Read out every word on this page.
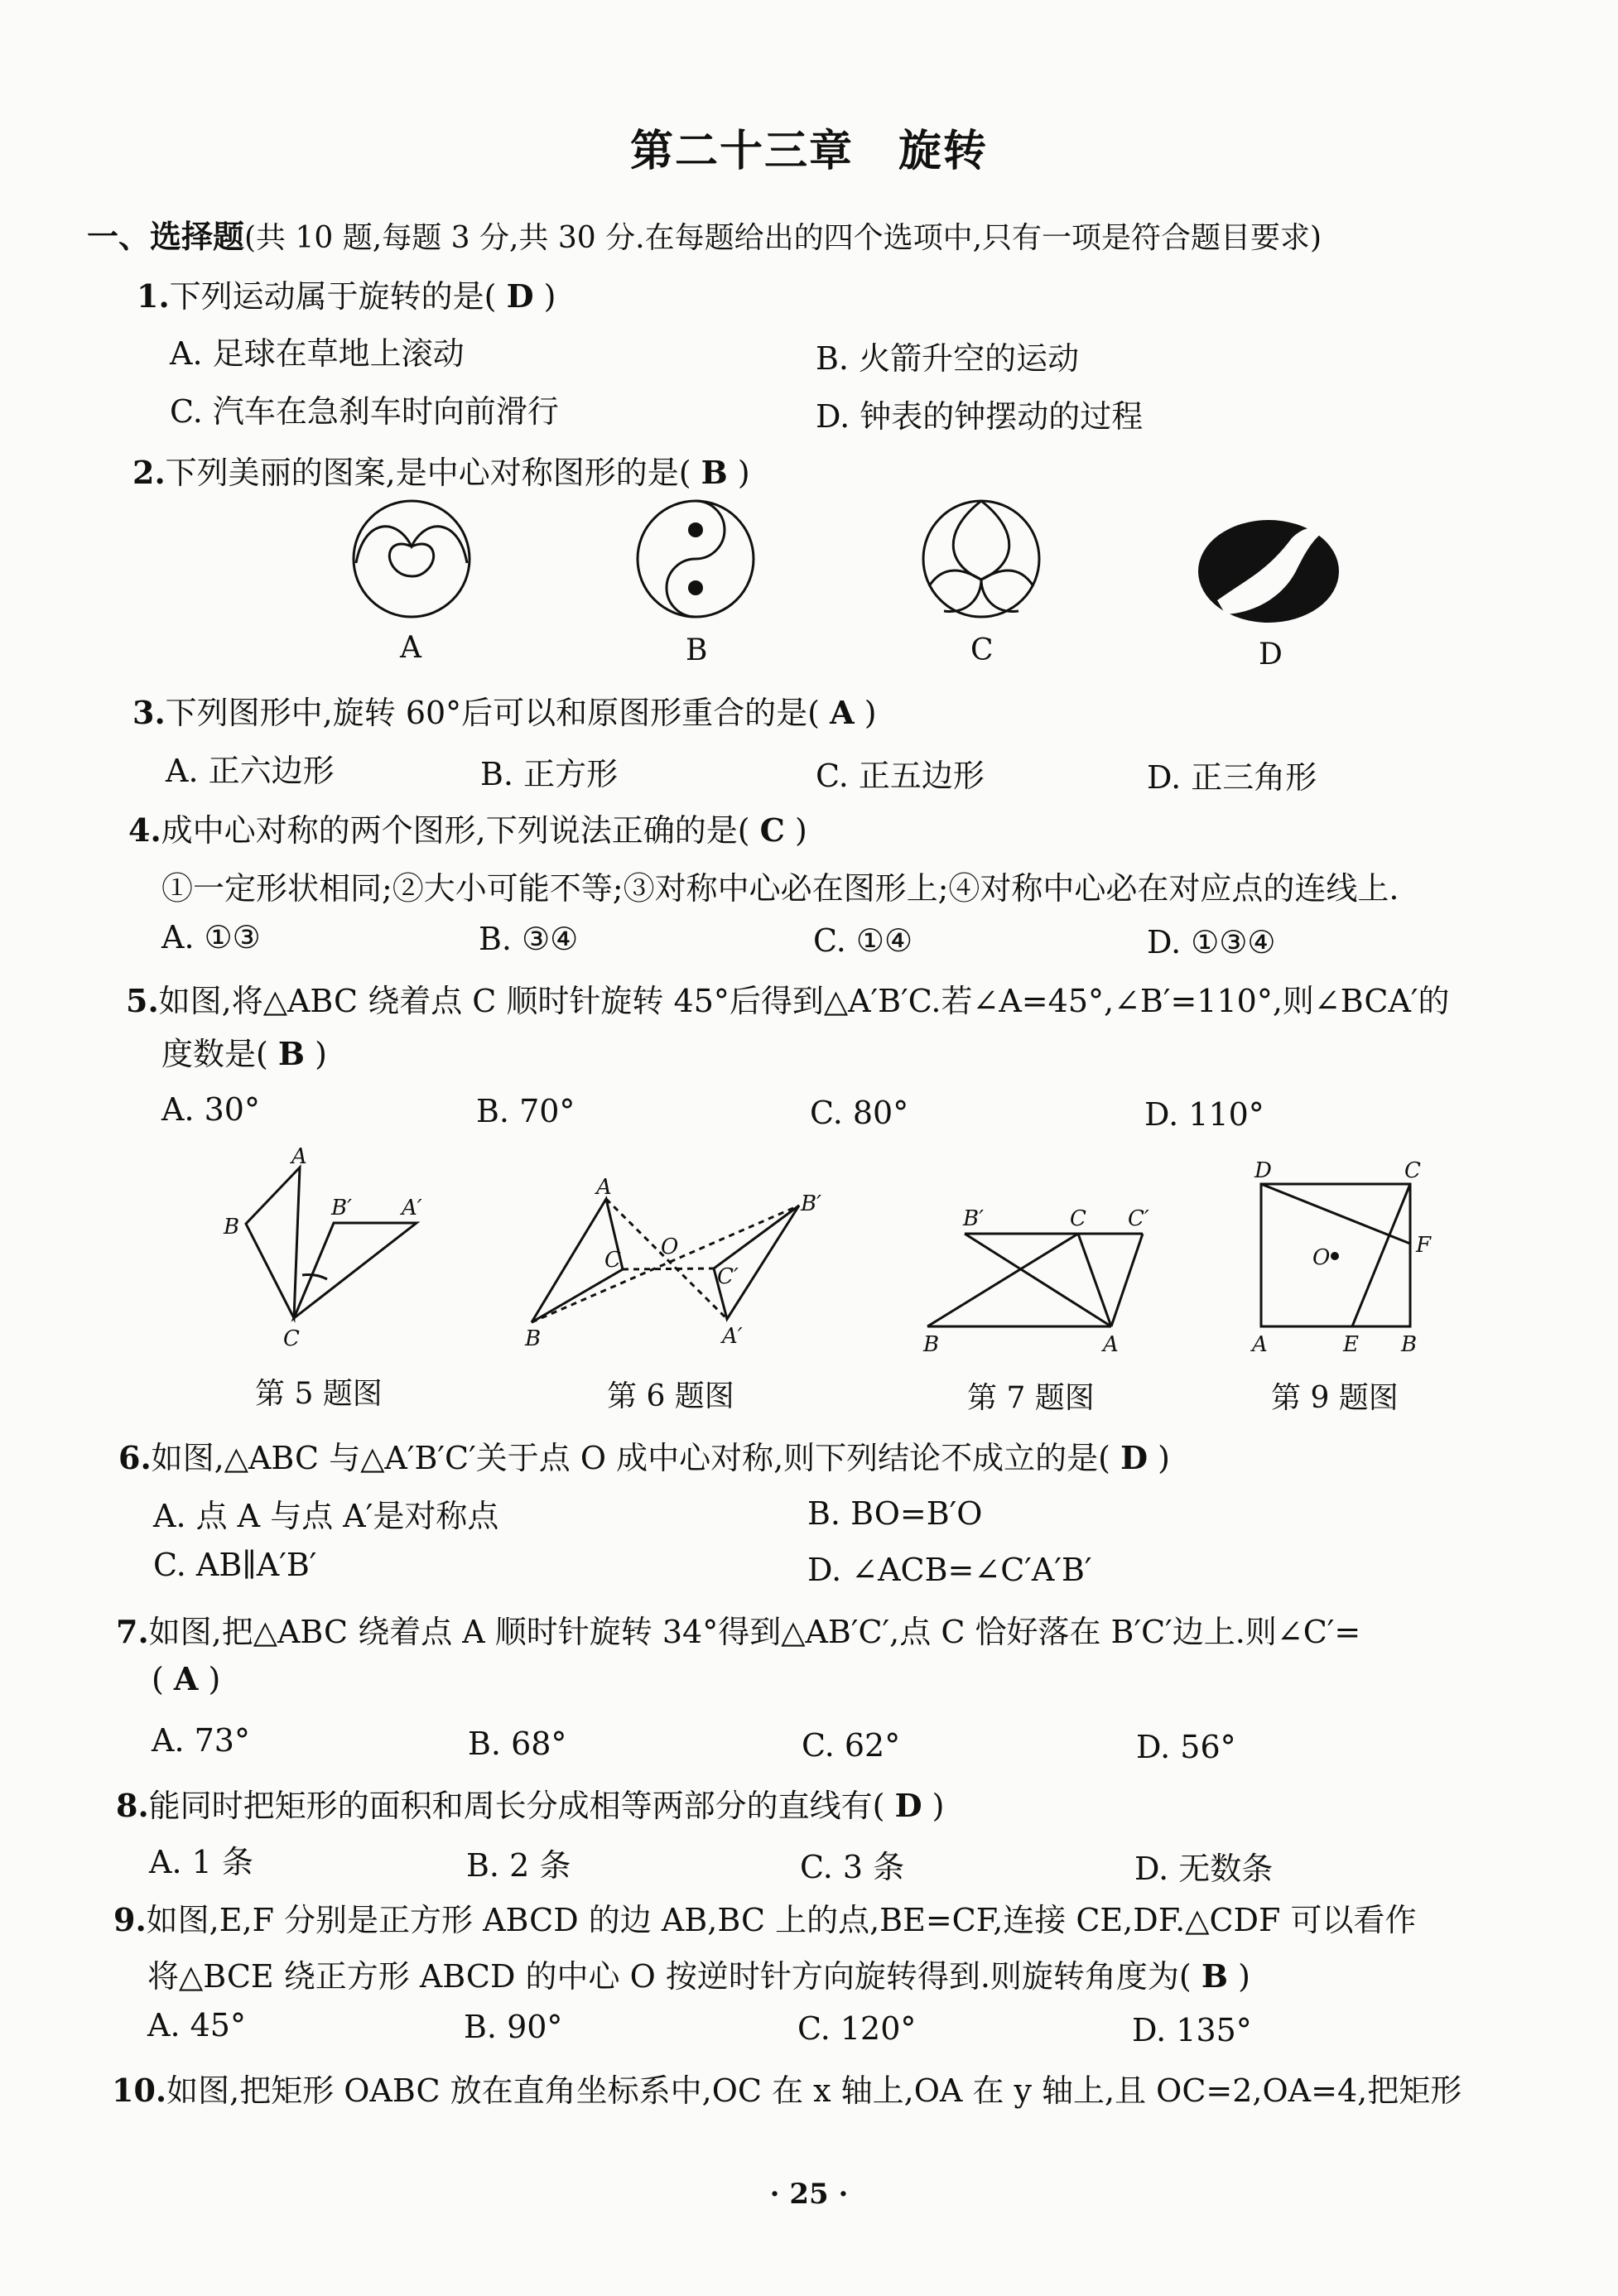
第二十三章　旋转
一、选择题(共 10 题,每题 3 分,共 30 分.在每题给出的四个选项中,只有一项是符合题目要求)
1.下列运动属于旋转的是( D )
A. 足球在草地上滚动	B. 火箭升空的运动
C. 汽车在急刹车时向前滑行	D. 钟表的钟摆动的过程
2.下列美丽的图案,是中心对称图形的是( B )
A	B	C	D
3.下列图形中,旋转 60°后可以和原图形重合的是( A )
A. 正六边形	B. 正方形	C. 正五边形	D. 正三角形
4.成中心对称的两个图形,下列说法正确的是( C )
①一定形状相同;②大小可能不等;③对称中心必在图形上;④对称中心必在对应点的连线上.
A. ①③	B. ③④	C. ①④	D. ①③④
5.如图,将△ABC 绕着点 C 顺时针旋转 45°后得到△A′B′C.若∠A=45°,∠B′=110°,则∠BCA′的
度数是( B )
A. 30°	B. 70°	C. 80°	D. 110°
A
B
B′ A′
C
A
B′
C
O
C′
B	A′
B′	C C′
B	A
D	C
F
O
A	E B
第 5 题图	第 6 题图	第 7 题图	第 9 题图
6.如图,△ABC 与△A′B′C′关于点 O 成中心对称,则下列结论不成立的是( D )
A. 点 A 与点 A′是对称点	B. BO=B′O
C. AB∥A′B′	D. ∠ACB=∠C′A′B′
7.如图,把△ABC 绕着点 A 顺时针旋转 34°得到△AB′C′,点 C 恰好落在 B′C′边上.则∠C′=
( A )
A. 73°	B. 68°	C. 62°	D. 56°
8.能同时把矩形的面积和周长分成相等两部分的直线有( D )
A. 1 条	B. 2 条	C. 3 条	D. 无数条
9.如图,E,F 分别是正方形 ABCD 的边 AB,BC 上的点,BE=CF,连接 CE,DF.△CDF 可以看作
将△BCE 绕正方形 ABCD 的中心 O 按逆时针方向旋转得到.则旋转角度为( B )
A. 45°	B. 90°	C. 120°	D. 135°
10.如图,把矩形 OABC 放在直角坐标系中,OC 在 x 轴上,OA 在 y 轴上,且 OC=2,OA=4,把矩形
· 25 ·
